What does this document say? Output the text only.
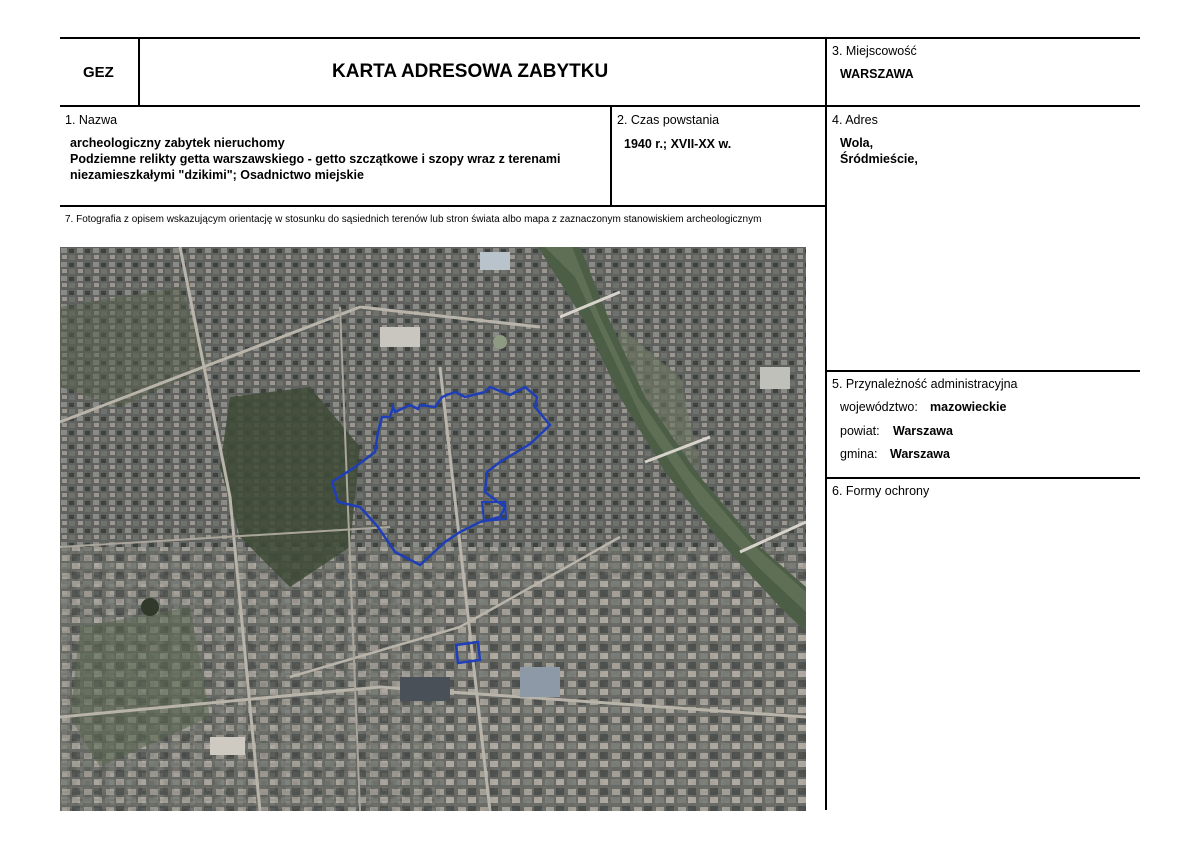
GEZ	KARTA ADRESOWA ZABYTKU
3. Miejscowość
WARSZAWA
1. Nazwa
archeologiczny zabytek nieruchomy
Podziemne relikty getta warszawskiego - getto szczątkowe i szopy wraz z terenami
niezamieszkałymi "dzikimi"; Osadnictwo miejskie
2. Czas powstania
1940 r.; XVII-XX w.
4. Adres
Wola,
Śródmieście,
7. Fotografia z opisem wskazującym orientację w stosunku do sąsiednich terenów lub stron świata albo mapa z zaznaczonym stanowiskiem archeologicznym
5. Przynależność administracyjna
województwo: mazowieckie
powiat: Warszawa
gmina: Warszawa
6. Formy ochrony
